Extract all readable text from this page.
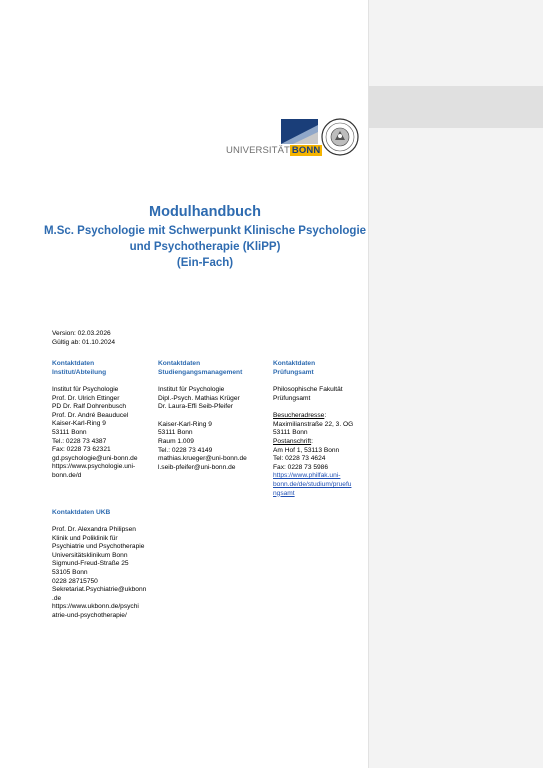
UNIVERSITÄT BONN
Modulhandbuch
M.Sc. Psychologie mit Schwerpunkt Klinische Psychologie
und Psychotherapie (KliPP)
(Ein-Fach)
Version: 02.03.2026
Gültig ab: 01.10.2024
Kontaktdaten
Institut/Abteilung
Institut für Psychologie
Prof. Dr. Ulrich Ettinger
PD Dr. Ralf Dohrenbusch
Prof. Dr. André Beauducel
Kaiser-Karl-Ring 9
53111 Bonn
Tel.: 0228 73 4387
Fax: 0228 73 62321
gd.psychologie@uni-bonn.de
https://www.psychologie.uni-
bonn.de/d
Kontaktdaten
Studiengangsmanagement
Institut für Psychologie
Dipl.-Psych. Mathias Krüger
Dr. Laura-Effi Seib-Pfeifer
Kaiser-Karl-Ring 9
53111 Bonn
Raum 1.009
Tel.: 0228 73 4149
mathias.krueger@uni-bonn.de
l.seib-pfeifer@uni-bonn.de
Kontaktdaten
Prüfungsamt
Philosophische Fakultät
Prüfungsamt
Besucheradresse:
Maximilianstraße 22, 3. OG
53111 Bonn
Postanschrift:
Am Hof 1, 53113 Bonn
Tel: 0228 73 4624
Fax: 0228 73 5986
https://www.philfak.uni-
bonn.de/de/studium/pruefu
ngsamt
Kontaktdaten UKB
Prof. Dr. Alexandra Philipsen
Klinik und Poliklinik für
Psychiatrie und Psychotherapie
Universitätsklinikum Bonn
Sigmund-Freud-Straße 25
53105 Bonn
0228 28715750
Sekretariat.Psychiatrie@ukbonn
.de
https://www.ukbonn.de/psychi
atrie-und-psychotherapie/
